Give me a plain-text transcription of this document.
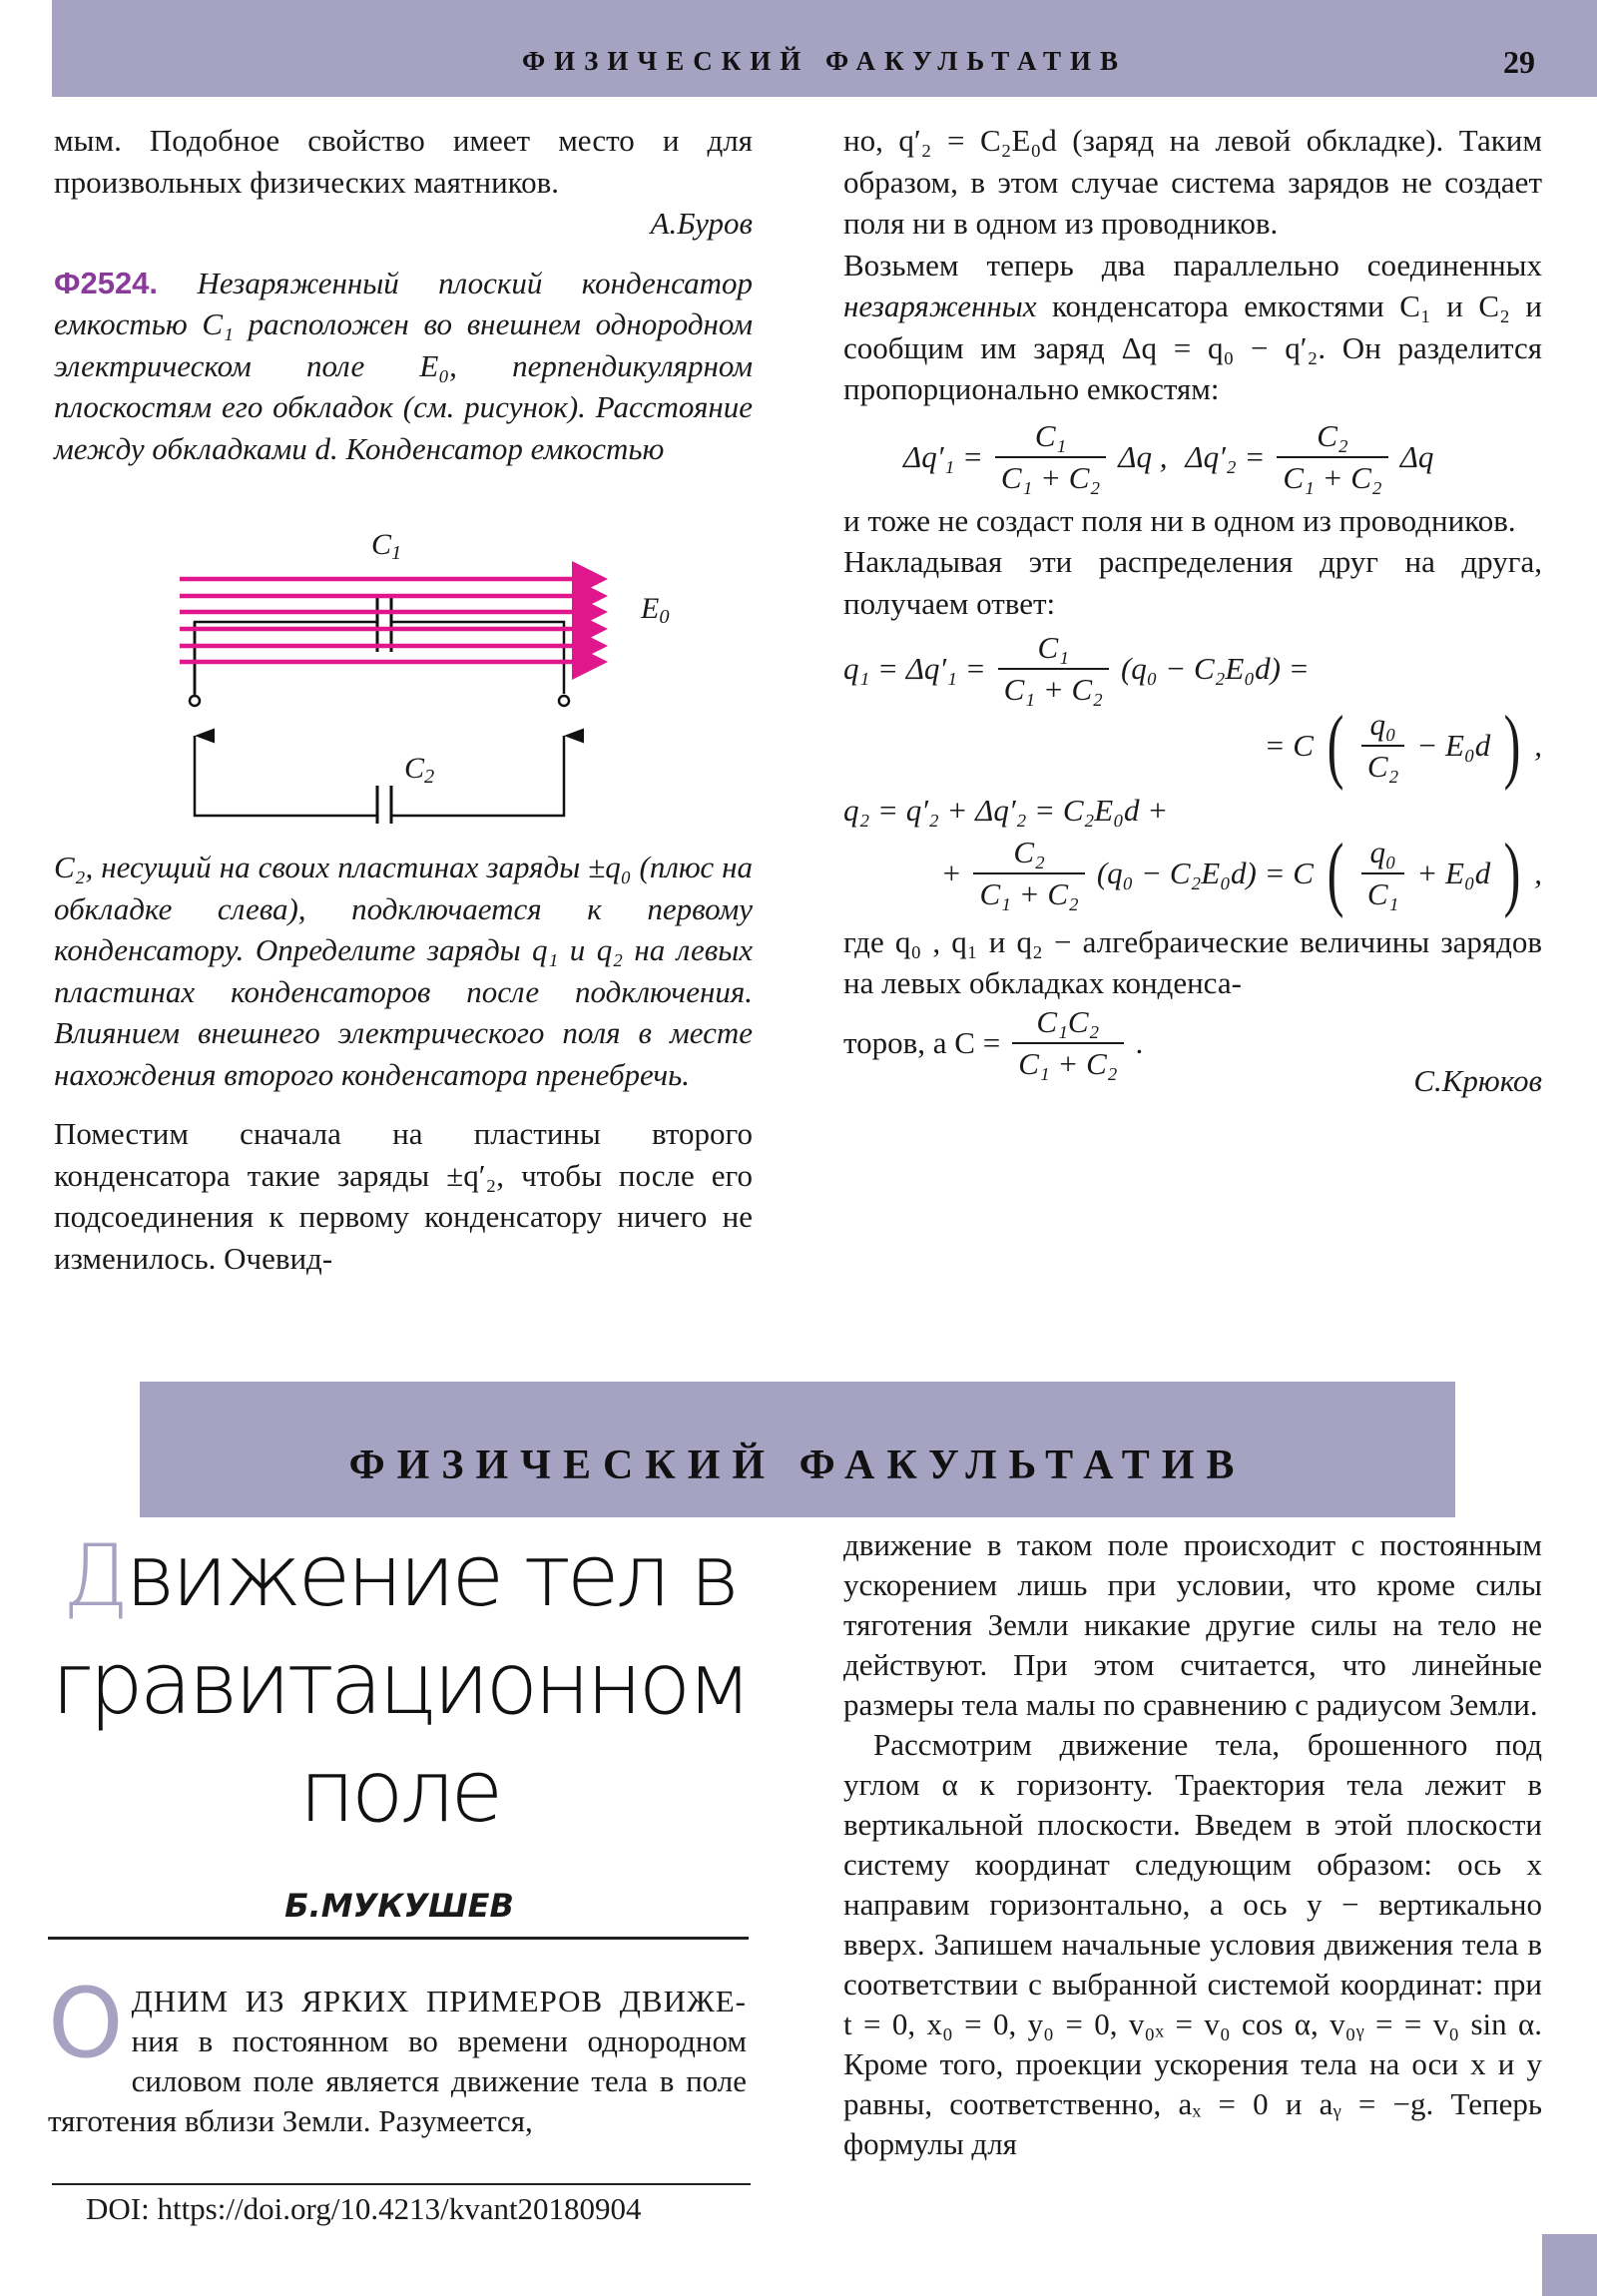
ФИЗИЧЕСКИЙ ФАКУЛЬТАТИВ	29

мым. Подобное свойство имеет место и для произвольных физических маятников.

А.Буров

Ф2524. Незаряженный плоский конденсатор емкостью C₁ расположен во внешнем однородном электрическом поле E₀, перпендикулярном плоскостям его обкладок (см. рисунок). Расстояние между обкладками d. Конденсатор емкостью

$C_1$
$E_0$
$C_2$

C₂, несущий на своих пластинах заряды ±q₀ (плюс на обкладке слева), подключается к первому конденсатору. Определите заряды q₁ и q₂ на левых пластинах конденсаторов после подключения. Влиянием внешнего электрического поля в месте нахождения второго конденсатора пренебречь.

Поместим сначала на пластины второго конденсатора такие заряды ±q′₂, чтобы после его подсоединения к первому конденсатору ничего не изменилось. Очевид-

но, q′₂ = C₂E₀d (заряд на левой обкладке). Таким образом, в этом случае система зарядов не создает поля ни в одном из проводников.

Возьмем теперь два параллельно соединенных незаряженных конденсатора емкостями C₁ и C₂ и сообщим им заряд Δq = q₀ − q′₂. Он разделится пропорционально емкостям:

$\Delta q'_1 = \frac{\text{C₁}}{\text{C₁ + C₂}}$ Δq , $\Delta q'_2 = \frac{\text{C₂}}{\text{C₁ + C₂}}$ Δq

и тоже не создаст поля ни в одном из проводников.

Накладывая эти распределения друг на друга, получаем ответ:

$q_1 = \Delta q'_1 = \frac{\text{C₁}}{\text{C₁ + C₂}} (q_0 - C_2E_0d)$ =
= C ( $\frac{\text{q₀}}{\text{C₂}} - E_0d$ ) ,
q₂ = q′₂ + Δq′₂ = C₂E₀d +
+ $\frac{\text{C₂}}{\text{C₁ + C₂}} (q_0 - C_2E_0d) = C$ ( $\frac{\text{q₀}}{\text{C₁}} + E_0d$ ) ,

где q₀ , q₁ и q₂ − алгебраические величины зарядов на левых обкладках конденса-

торов, а $C = \frac{\text{C₁C₂}}{\text{C₁ + C₂}}$ .

С.Крюков

ФИЗИЧЕСКИЙ ФАКУЛЬТАТИВ
Движение тел в
гравитационном
поле
Б.МУКУШЕВ
О ДНИМ ИЗ ЯРКИХ ПРИМЕРОВ ДВИЖЕ- ния в постоянном во времени однородном силовом поле является движение тела в поле тяготения вблизи Земли. Разумеется,
DOI: https://doi.org/10.4213/kvant20180904

движение в таком поле происходит с постоянным ускорением лишь при условии, что кроме силы тяготения Земли никакие другие силы на тело не действуют. При этом считается, что линейные размеры тела малы по сравнению с радиусом Земли.

Рассмотрим движение тела, брошенного под углом α к горизонту. Траектория тела лежит в вертикальной плоскости. Введем в этой плоскости систему координат следующим образом: ось x направим горизонтально, а ось y − вертикально вверх. Запишем начальные условия движения тела в соответствии с выбранной системой координат: при t = 0, x₀ = 0, y₀ = 0, v₀ₓ = v₀ cos α, v₀ᵧ = = v₀ sin α. Кроме того, проекции ускорения тела на оси x и y равны, соответственно, aₓ = 0 и aᵧ = −g. Теперь формулы для
